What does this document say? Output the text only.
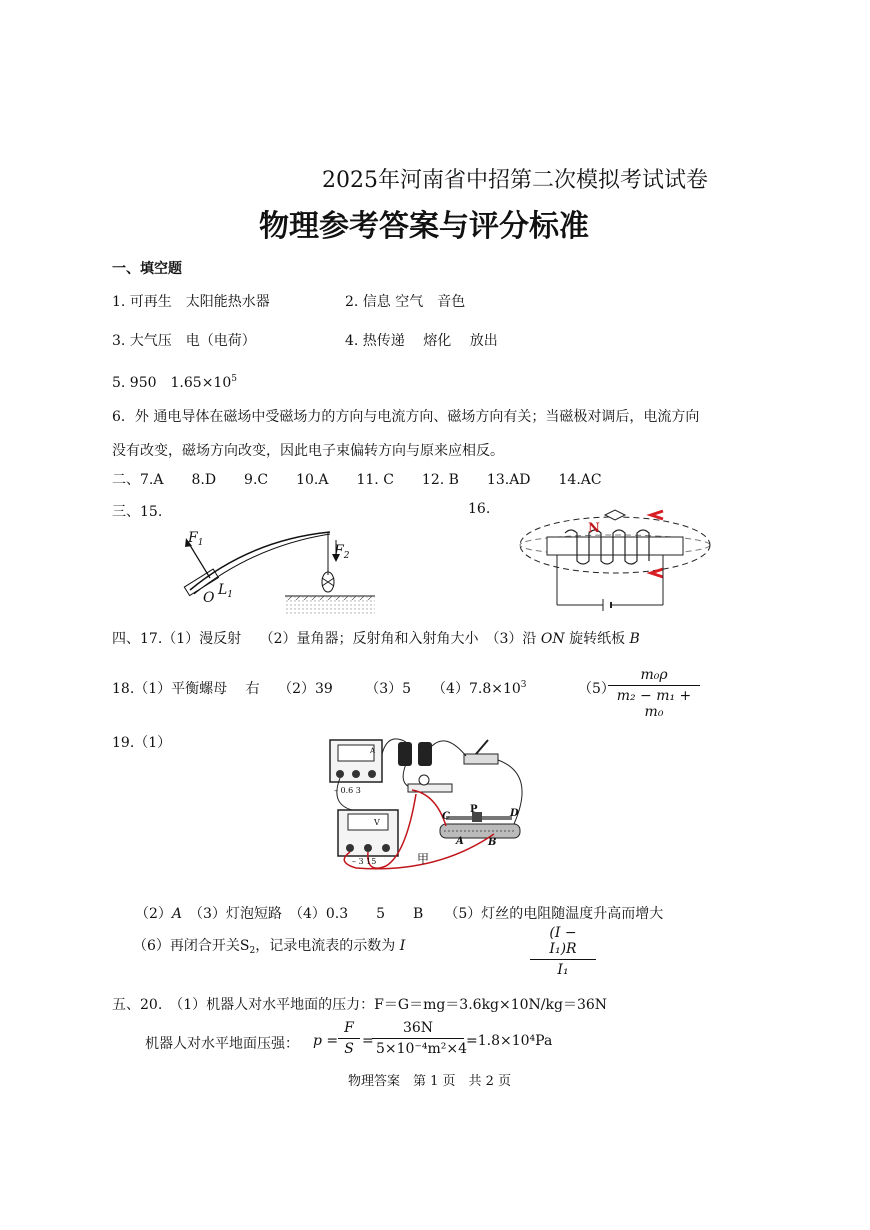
2025年河南省中招第二次模拟考试试卷
物理参考答案与评分标准
一、填空题
1. 可再生　太阳能热水器	2. 信息 空气　音色
3. 大气压　电（电荷）	4. 热传递　 熔化　 放出
5. 950　$1.65\times 10^5$
6．外 通电导体在磁场中受磁场力的方向与电流方向、磁场方向有关；当磁极对调后，电流方向
没有改变，磁场方向改变，因此电子束偏转方向与原来应相反。
二、7.A　　8.D　　9.C　　10.A　　11. C　　12. B　　13.AD　　14.AC
三、15.	16.
$F_1$	$F_2$
O $L_1$
N
四、17.（1）漫反射　 （2）量角器；反射角和入射角大小　（3）沿 ON 旋转纸板 B
18.（1）平衡螺母　 右　 （2）39　　 （3）5　　$(4)7.8\times 10^3$	（5）
$\frac{\text{m₀ρ}}{\text{m₂ − m₁ + m₀}}$
19.（1）	A
– 0.6 3
V
– 3 15
P
C	D
A B
甲
（2）A　（3）灯泡短路　（4）0.3　　5　　B　　（5）灯丝的电阻随温度升高而增大
（6）再闭合开关$S_2$，记录电流表的示数为 I	$\frac{\text{(I − I₁)R}}{\text{I₁}}$
五、20.　（1）机器人对水平地面的压力：F＝G＝mg＝3.6kg×10N/kg＝36N
机器人对水平地面压强： $p = \frac{F}{S}$ =
$\frac{36N}{\text{5×10⁻⁴m²×4}} =1.8\times 10^4Pa$
物理答案　第 1 页　共 2 页
